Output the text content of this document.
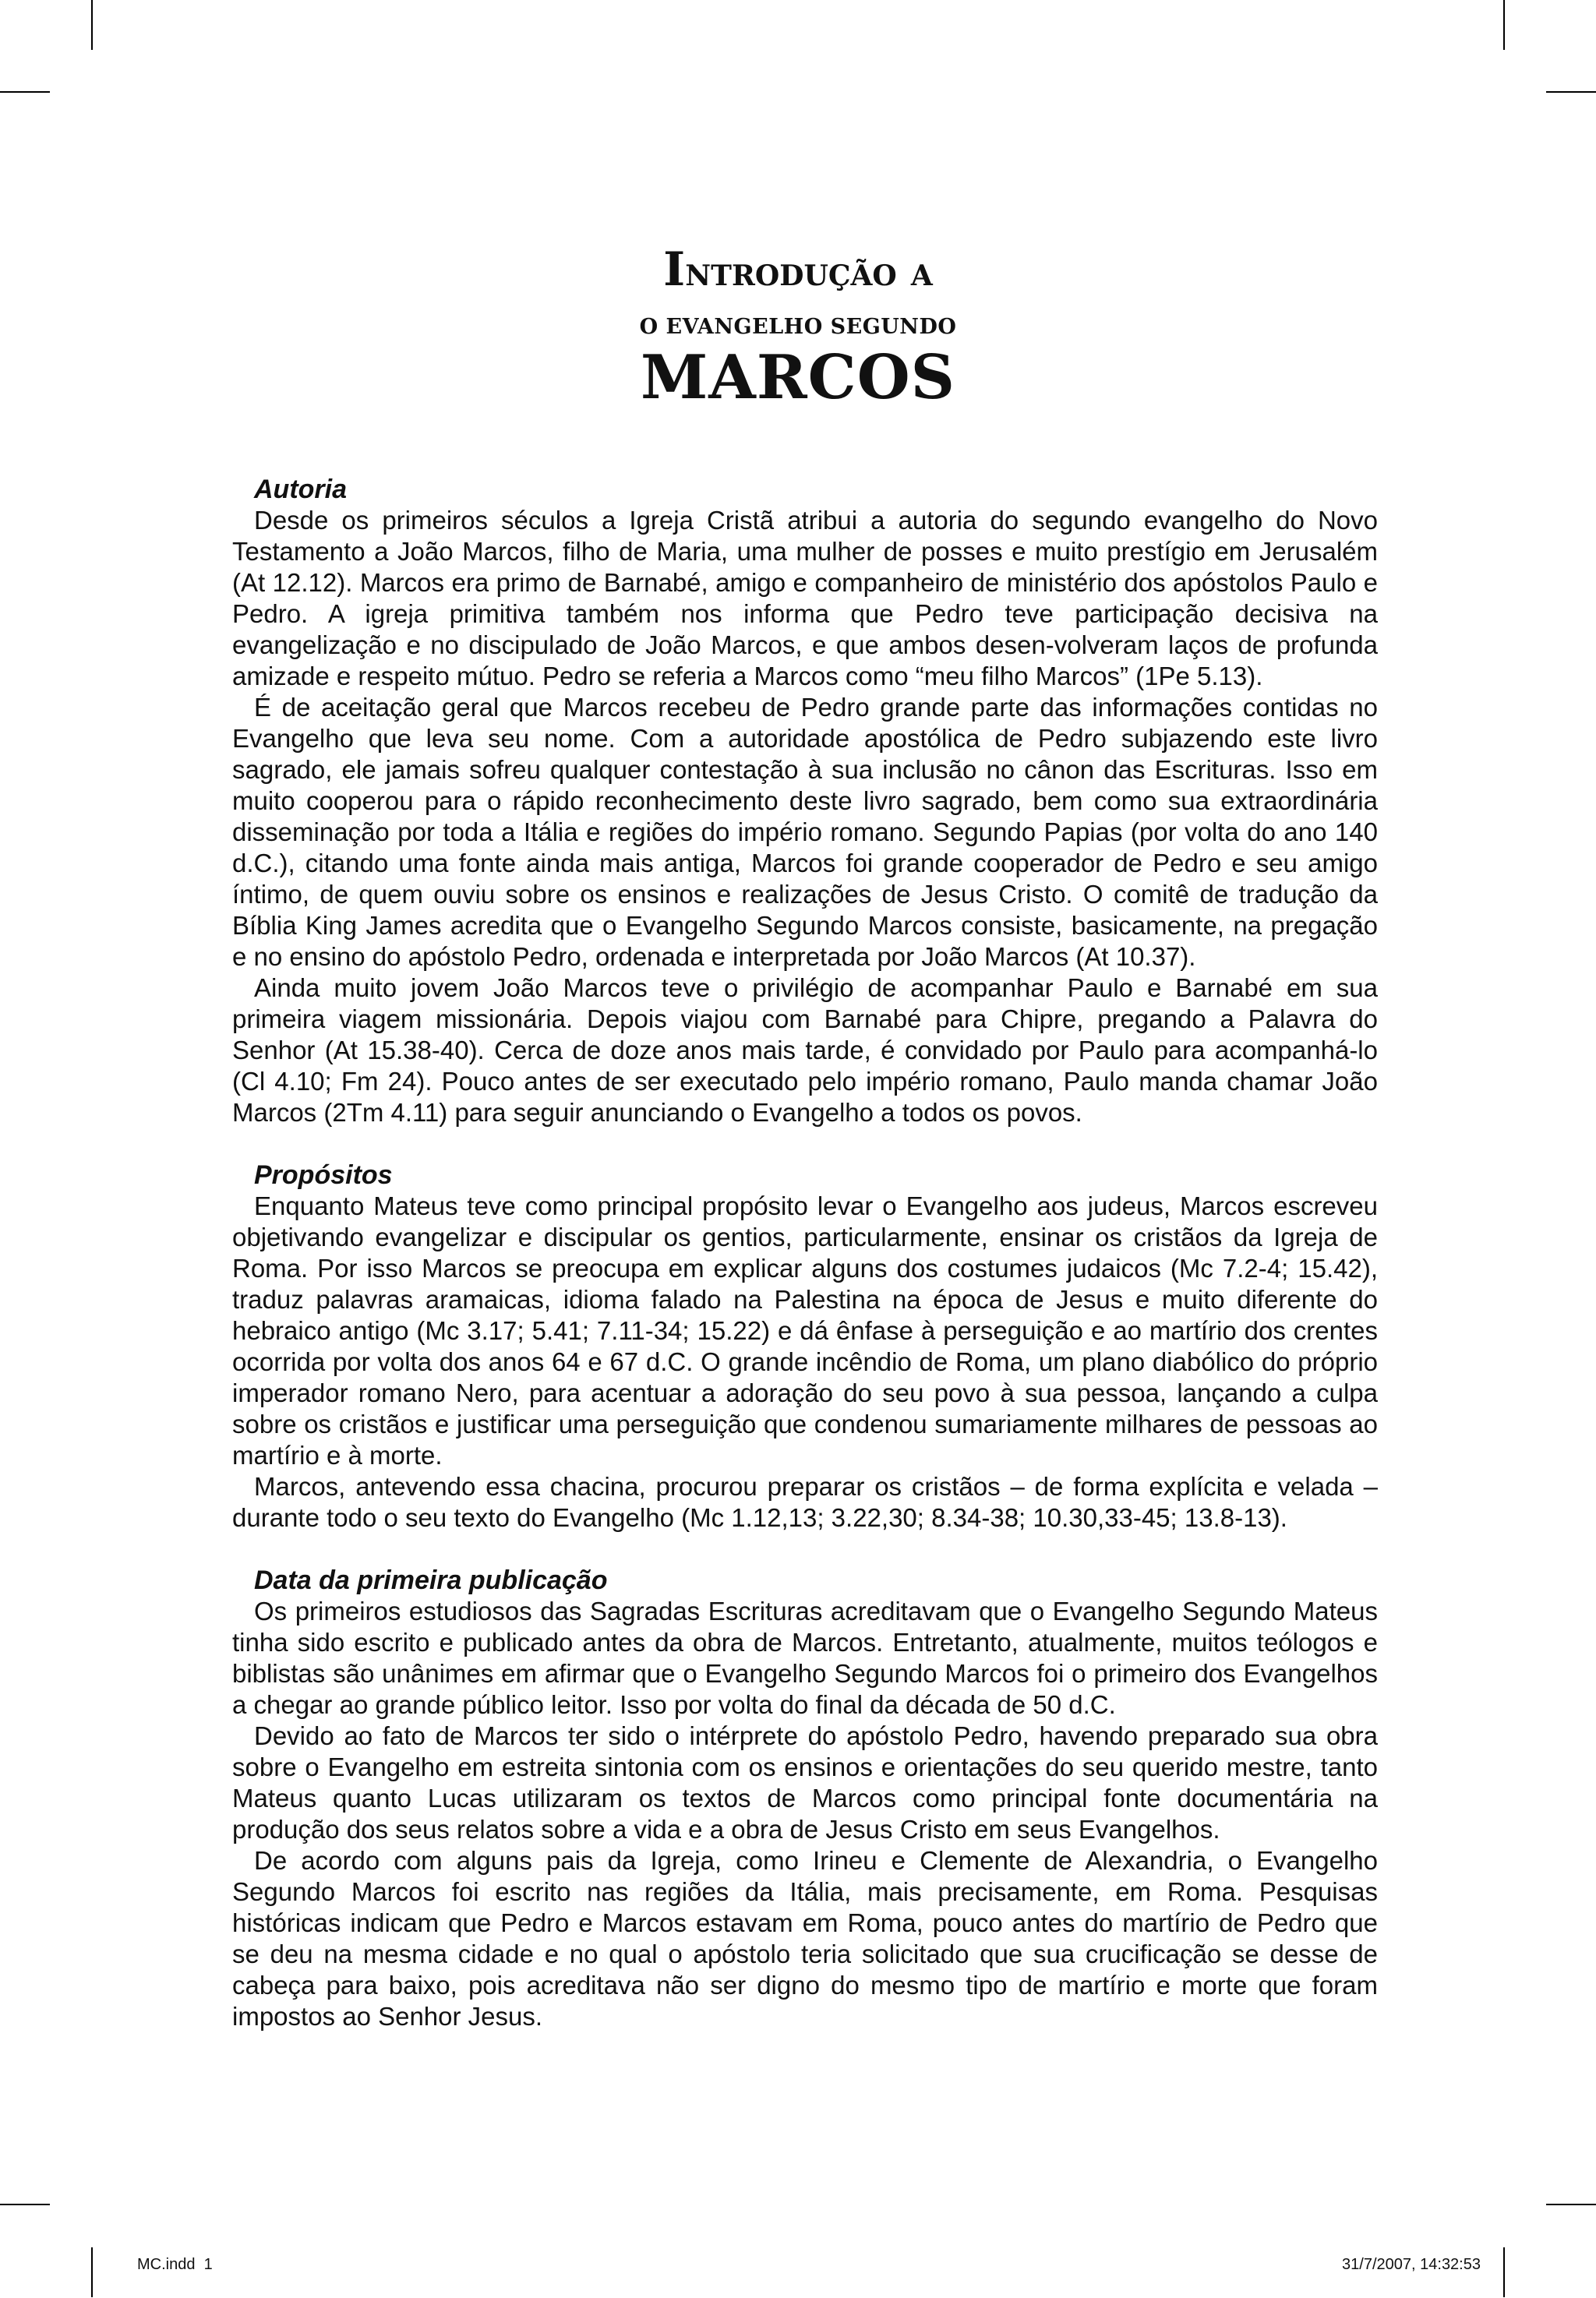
Introdução a
O EVANGELHO SEGUNDO
MARCOS
Autoria

Desde os primeiros séculos a Igreja Cristã atribui a autoria do segundo evangelho do Novo Testamento a João Marcos, filho de Maria, uma mulher de posses e muito prestígio em Jerusalém (At 12.12). Marcos era primo de Barnabé, amigo e companheiro de ministério dos apóstolos Paulo e Pedro. A igreja primitiva também nos informa que Pedro teve participação decisiva na evangelização e no discipulado de João Marcos, e que ambos desen-volveram laços de profunda amizade e respeito mútuo. Pedro se referia a Marcos como “meu filho Marcos” (1Pe 5.13).

É de aceitação geral que Marcos recebeu de Pedro grande parte das informações contidas no Evangelho que leva seu nome. Com a autoridade apostólica de Pedro subjazendo este livro sagrado, ele jamais sofreu qualquer contestação à sua inclusão no cânon das Escrituras. Isso em muito cooperou para o rápido reconhecimento deste livro sagrado, bem como sua extraordinária disseminação por toda a Itália e regiões do império romano. Segundo Papias (por volta do ano 140 d.C.), citando uma fonte ainda mais antiga, Marcos foi grande cooperador de Pedro e seu amigo íntimo, de quem ouviu sobre os ensinos e realizações de Jesus Cristo. O comitê de tradução da Bíblia King James acredita que o Evangelho Segundo Marcos consiste, basicamente, na pregação e no ensino do apóstolo Pedro, ordenada e interpretada por João Marcos (At 10.37).

Ainda muito jovem João Marcos teve o privilégio de acompanhar Paulo e Barnabé em sua primeira viagem missionária. Depois viajou com Barnabé para Chipre, pregando a Palavra do Senhor (At 15.38-40). Cerca de doze anos mais tarde, é convidado por Paulo para acompanhá-lo (Cl 4.10; Fm 24). Pouco antes de ser executado pelo império romano, Paulo manda chamar João Marcos (2Tm 4.11) para seguir anunciando o Evangelho a todos os povos.

Propósitos

Enquanto Mateus teve como principal propósito levar o Evangelho aos judeus, Marcos escreveu objetivando evangelizar e discipular os gentios, particularmente, ensinar os cristãos da Igreja de Roma. Por isso Marcos se preocupa em explicar alguns dos costumes judaicos (Mc 7.2-4; 15.42), traduz palavras aramaicas, idioma falado na Palestina na época de Jesus e muito diferente do hebraico antigo (Mc 3.17; 5.41; 7.11-34; 15.22) e dá ênfase à perseguição e ao martírio dos crentes ocorrida por volta dos anos 64 e 67 d.C. O grande incêndio de Roma, um plano diabólico do próprio imperador romano Nero, para acentuar a adoração do seu povo à sua pessoa, lançando a culpa sobre os cristãos e justificar uma perseguição que condenou sumariamente milhares de pessoas ao martírio e à morte.

Marcos, antevendo essa chacina, procurou preparar os cristãos – de forma explícita e velada – durante todo o seu texto do Evangelho (Mc 1.12,13; 3.22,30; 8.34-38; 10.30,33-45; 13.8-13).

Data da primeira publicação

Os primeiros estudiosos das Sagradas Escrituras acreditavam que o Evangelho Segundo Mateus tinha sido escrito e publicado antes da obra de Marcos. Entretanto, atualmente, muitos teólogos e biblistas são unânimes em afirmar que o Evangelho Segundo Marcos foi o primeiro dos Evangelhos a chegar ao grande público leitor. Isso por volta do final da década de 50 d.C.

Devido ao fato de Marcos ter sido o intérprete do apóstolo Pedro, havendo preparado sua obra sobre o Evangelho em estreita sintonia com os ensinos e orientações do seu querido mestre, tanto Mateus quanto Lucas utilizaram os textos de Marcos como principal fonte documentária na produção dos seus relatos sobre a vida e a obra de Jesus Cristo em seus Evangelhos.

De acordo com alguns pais da Igreja, como Irineu e Clemente de Alexandria, o Evangelho Segundo Marcos foi escrito nas regiões da Itália, mais precisamente, em Roma. Pesquisas históricas indicam que Pedro e Marcos estavam em Roma, pouco antes do martírio de Pedro que se deu na mesma cidade e no qual o apóstolo teria solicitado que sua crucificação se desse de cabeça para baixo, pois acreditava não ser digno do mesmo tipo de martírio e morte que foram impostos ao Senhor Jesus.

MC.indd 1	31/7/2007, 14:32:53
